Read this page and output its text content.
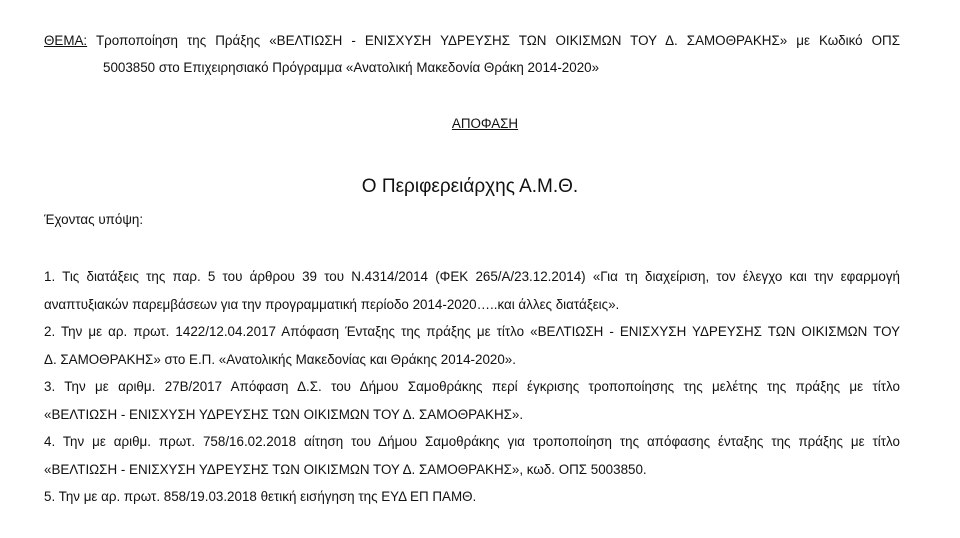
ΘΕΜΑ: Τροποποίηση της Πράξης «ΒΕΛΤΙΩΣΗ - ΕΝΙΣΧΥΣΗ ΥΔΡΕΥΣΗΣ ΤΩΝ ΟΙΚΙΣΜΩΝ ΤΟΥ Δ. ΣΑΜΟΘΡΑΚΗΣ» με Κωδικό ΟΠΣ
5003850 στο Επιχειρησιακό Πρόγραμμα «Ανατολική Μακεδονία Θράκη 2014-2020»
ΑΠΟΦΑΣΗ
Ο Περιφερειάρχης Α.Μ.Θ.
Έχοντας υπόψη:
1. Τις διατάξεις της παρ. 5 του άρθρου 39 του Ν.4314/2014 (ΦΕΚ 265/Α/23.12.2014) «Για τη διαχείριση, τον έλεγχο και την εφαρμογή
αναπτυξιακών παρεμβάσεων για την προγραμματική περίοδο 2014-2020…..και άλλες διατάξεις».
2. Την με αρ. πρωτ. 1422/12.04.2017 Απόφαση Ένταξης της πράξης με τίτλο «ΒΕΛΤΙΩΣΗ - ΕΝΙΣΧΥΣΗ ΥΔΡΕΥΣΗΣ ΤΩΝ ΟΙΚΙΣΜΩΝ ΤΟΥ
Δ. ΣΑΜΟΘΡΑΚΗΣ» στο Ε.Π. «Ανατολικής Μακεδονίας και Θράκης 2014-2020».
3. Την με αριθμ. 27Β/2017 Απόφαση Δ.Σ. του Δήμου Σαμοθράκης περί έγκρισης τροποποίησης της μελέτης της πράξης με τίτλο
«ΒΕΛΤΙΩΣΗ - ΕΝΙΣΧΥΣΗ ΥΔΡΕΥΣΗΣ ΤΩΝ ΟΙΚΙΣΜΩΝ ΤΟΥ Δ. ΣΑΜΟΘΡΑΚΗΣ».
4. Την με αριθμ. πρωτ. 758/16.02.2018 αίτηση του Δήμου Σαμοθράκης για τροποποίηση της απόφασης ένταξης της πράξης με τίτλο
«ΒΕΛΤΙΩΣΗ - ΕΝΙΣΧΥΣΗ ΥΔΡΕΥΣΗΣ ΤΩΝ ΟΙΚΙΣΜΩΝ ΤΟΥ Δ. ΣΑΜΟΘΡΑΚΗΣ», κωδ. ΟΠΣ 5003850.
5. Την με αρ. πρωτ. 858/19.03.2018 θετική εισήγηση της ΕΥΔ ΕΠ ΠΑΜΘ.
